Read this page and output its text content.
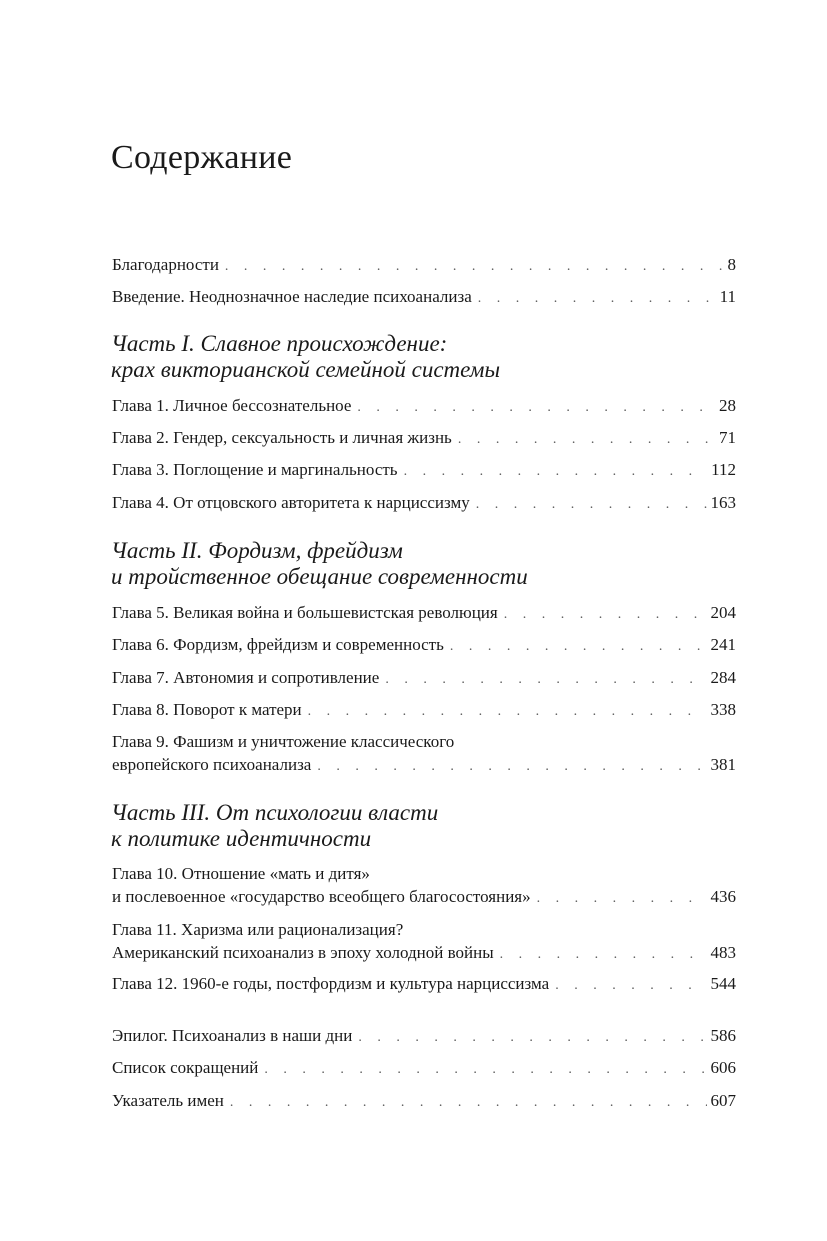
Содержание
Благодарности . . .	8
Введение. Неоднозначное наследие психоанализа . . .	11
Часть I. Славное происхождение:
крах викторианской семейной системы
Глава 1. Личное бессознательное . . .	28
Глава 2. Гендер, сексуальность и личная жизнь . . .	71
Глава 3. Поглощение и маргинальность . . .	112
Глава 4. От отцовского авторитета к нарциссизму . . .	163
Часть II. Фордизм, фрейдизм
и тройственное обещание современности
Глава 5. Великая война и большевистская революция . . .	204
Глава 6. Фордизм, фрейдизм и современность . . .	241
Глава 7. Автономия и сопротивление . . .	284
Глава 8. Поворот к матери . . .	338
Глава 9. Фашизм и уничтожение классического
европейского психоанализа . . .	381
Часть III. От психологии власти
к политике идентичности
Глава 10. Отношение «мать и дитя»
и послевоенное «государство всеобщего благосостояния» . . .	436
Глава 11. Харизма или рационализация?
Американский психоанализ в эпоху холодной войны . . .	483
Глава 12. 1960-е годы, постфордизм и культура нарциссизма . . .	544
Эпилог. Психоанализ в наши дни . . .	586
Список сокращений . . .	606
Указатель имен . . .	607
